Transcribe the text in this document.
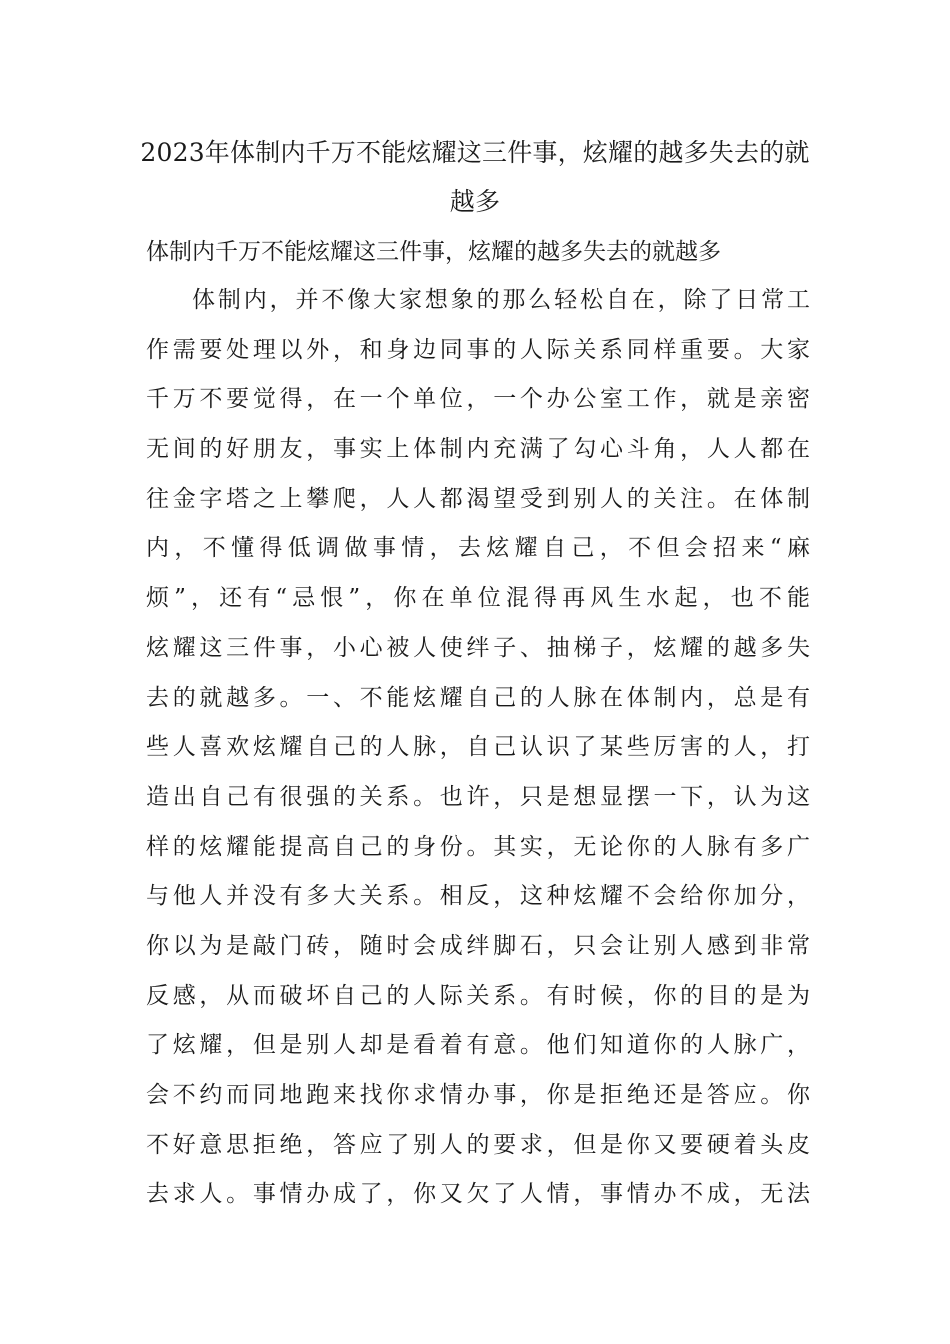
2023年体制内千万不能炫耀这三件事，炫耀的越多失去的就越多

体制内千万不能炫耀这三件事，炫耀的越多失去的就越多

体制内，并不像大家想象的那么轻松自在，除了日常工
作需要处理以外，和身边同事的人际关系同样重要。大家
千万不要觉得，在一个单位，一个办公室工作，就是亲密
无间的好朋友，事实上体制内充满了勾心斗角，人人都在
往金字塔之上攀爬，人人都渴望受到别人的关注。在体制
内，不懂得低调做事情，去炫耀自己，不但会招来“麻
烦”，还有“忌恨”，你在单位混得再风生水起，也不能
炫耀这三件事，小心被人使绊子、抽梯子，炫耀的越多失
去的就越多。一、不能炫耀自己的人脉在体制内，总是有
些人喜欢炫耀自己的人脉，自己认识了某些厉害的人，打
造出自己有很强的关系。也许，只是想显摆一下，认为这
样的炫耀能提高自己的身份。其实，无论你的人脉有多广
与他人并没有多大关系。相反，这种炫耀不会给你加分，
你以为是敲门砖，随时会成绊脚石，只会让别人感到非常
反感，从而破坏自己的人际关系。有时候，你的目的是为
了炫耀，但是别人却是看着有意。他们知道你的人脉广，
会不约而同地跑来找你求情办事，你是拒绝还是答应。你
不好意思拒绝，答应了别人的要求，但是你又要硬着头皮
去求人。事情办成了，你又欠了人情，事情办不成，无法
